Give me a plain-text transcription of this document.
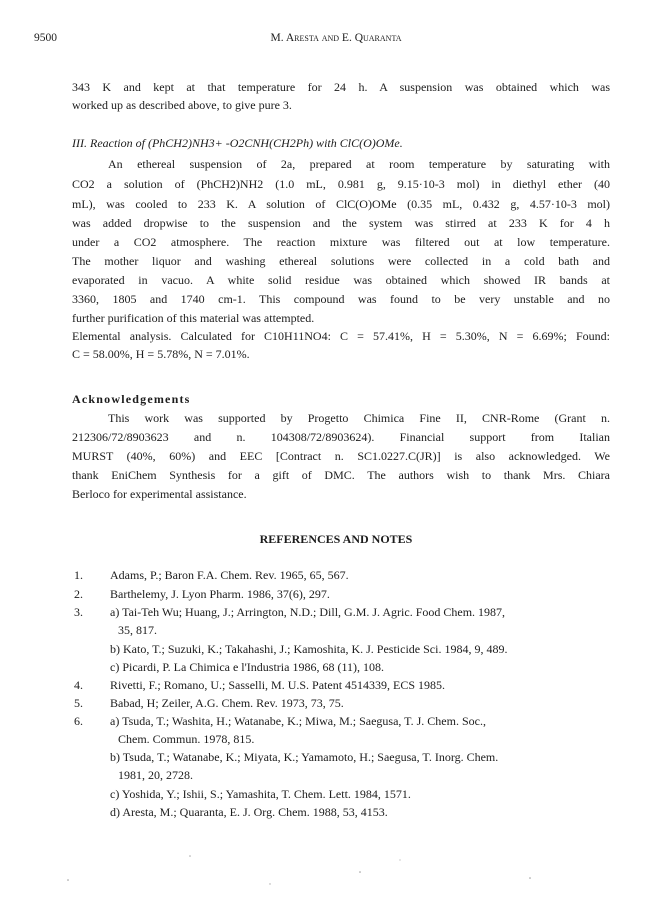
9500	M. Aresta and E. Quaranta
343 K and kept at that temperature for 24 h. A suspension was obtained which was
worked up as described above, to give pure 3.
III. Reaction of (PhCH2)NH3+ -O2CNH(CH2Ph) with ClC(O)OMe.
An ethereal suspension of 2a, prepared at room temperature by saturating with
CO2 a solution of (PhCH2)NH2 (1.0 mL, 0.981 g, 9.15·10-3 mol) in diethyl ether (40
mL), was cooled to 233 K. A solution of ClC(O)OMe (0.35 mL, 0.432 g, 4.57·10-3 mol)
was added dropwise to the suspension and the system was stirred at 233 K for 4 h
under a CO2 atmosphere. The reaction mixture was filtered out at low temperature.
The mother liquor and washing ethereal solutions were collected in a cold bath and
evaporated in vacuo. A white solid residue was obtained which showed IR bands at
3360, 1805 and 1740 cm-1. This compound was found to be very unstable and no
further purification of this material was attempted.
Elemental analysis. Calculated for C10H11NO4: C = 57.41%, H = 5.30%, N = 6.69%; Found:
C = 58.00%, H = 5.78%, N = 7.01%.
Acknowledgements
This work was supported by Progetto Chimica Fine II, CNR-Rome (Grant n.
212306/72/8903623 and n. 104308/72/8903624). Financial support from Italian
MURST (40%, 60%) and EEC [Contract n. SC1.0227.C(JR)] is also acknowledged. We
thank EniChem Synthesis for a gift of DMC. The authors wish to thank Mrs. Chiara
Berloco for experimental assistance.
REFERENCES AND NOTES
1. Adams, P.; Baron F.A. Chem. Rev. 1965, 65, 567.
2. Barthelemy, J. Lyon Pharm. 1986, 37(6), 297.
3. a) Tai-Teh Wu; Huang, J.; Arrington, N.D.; Dill, G.M. J. Agric. Food Chem. 1987,
35, 817.
b) Kato, T.; Suzuki, K.; Takahashi, J.; Kamoshita, K. J. Pesticide Sci. 1984, 9, 489.
c) Picardi, P. La Chimica e l'Industria 1986, 68 (11), 108.
4. Rivetti, F.; Romano, U.; Sasselli, M. U.S. Patent 4514339, ECS 1985.
5. Babad, H; Zeiler, A.G. Chem. Rev. 1973, 73, 75.
6. a) Tsuda, T.; Washita, H.; Watanabe, K.; Miwa, M.; Saegusa, T. J. Chem. Soc.,
Chem. Commun. 1978, 815.
b) Tsuda, T.; Watanabe, K.; Miyata, K.; Yamamoto, H.; Saegusa, T. Inorg. Chem.
1981, 20, 2728.
c) Yoshida, Y.; Ishii, S.; Yamashita, T. Chem. Lett. 1984, 1571.
d) Aresta, M.; Quaranta, E. J. Org. Chem. 1988, 53, 4153.
